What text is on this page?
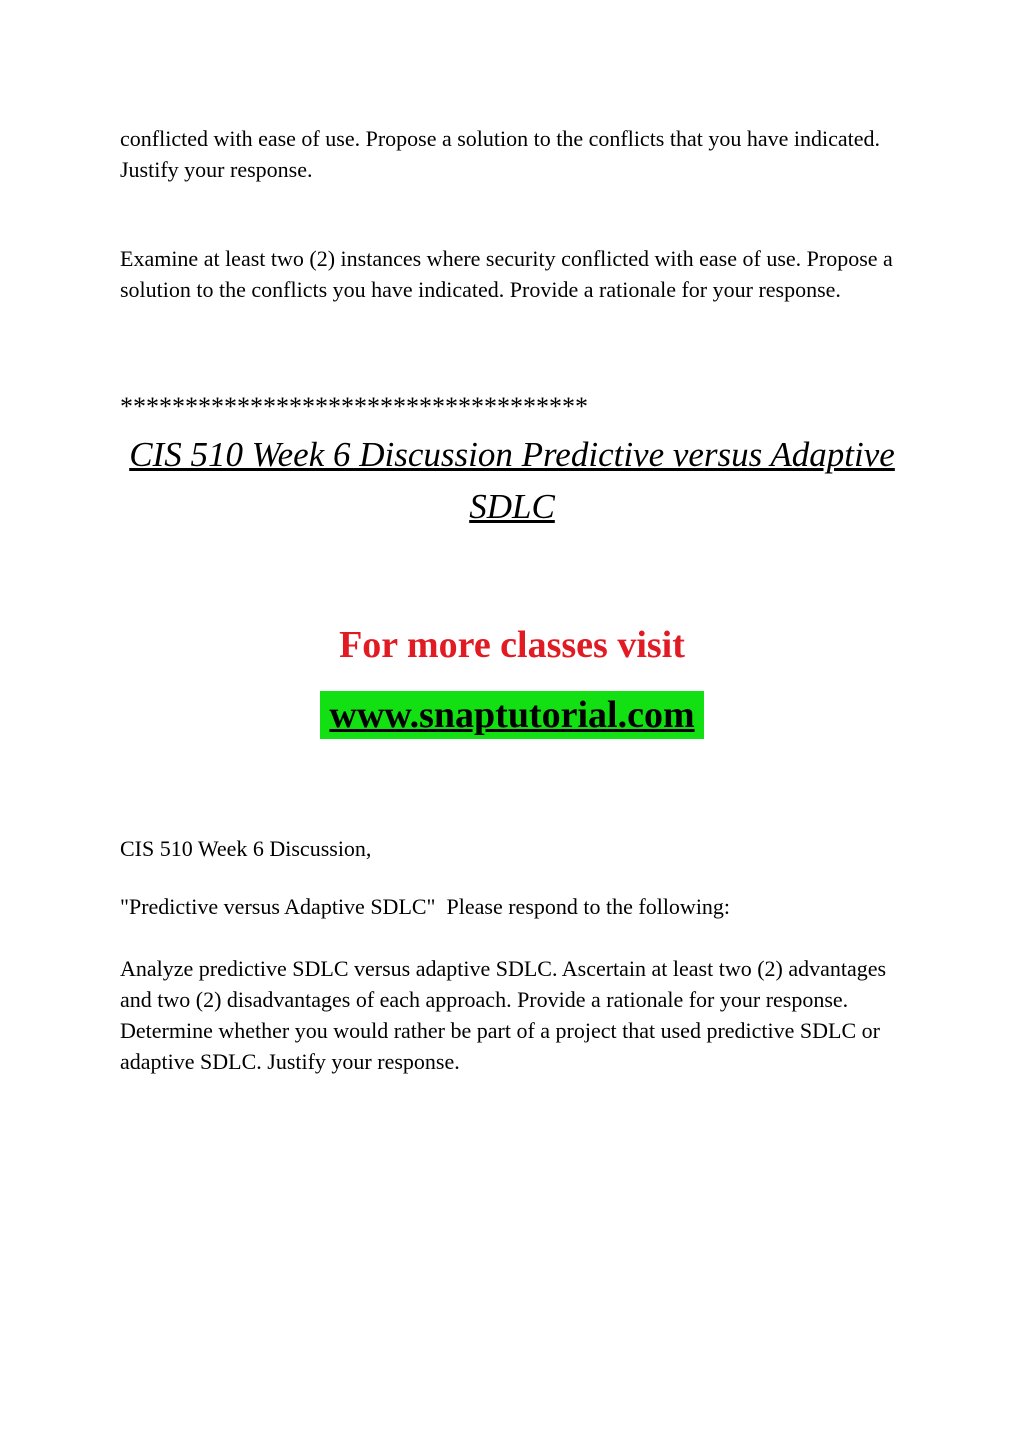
conflicted with ease of use. Propose a solution to the conflicts that you have indicated. Justify your response.

Examine at least two (2) instances where security conflicted with ease of use. Propose a solution to the conflicts you have indicated. Provide a rationale for your response.

************************************
CIS 510 Week 6 Discussion Predictive versus Adaptive SDLC
For more classes visit
www.snaptutorial.com

CIS 510 Week 6 Discussion,

"Predictive versus Adaptive SDLC"  Please respond to the following:

Analyze predictive SDLC versus adaptive SDLC. Ascertain at least two (2) advantages and two (2) disadvantages of each approach. Provide a rationale for your response.

Determine whether you would rather be part of a project that used predictive SDLC or adaptive SDLC. Justify your response.
